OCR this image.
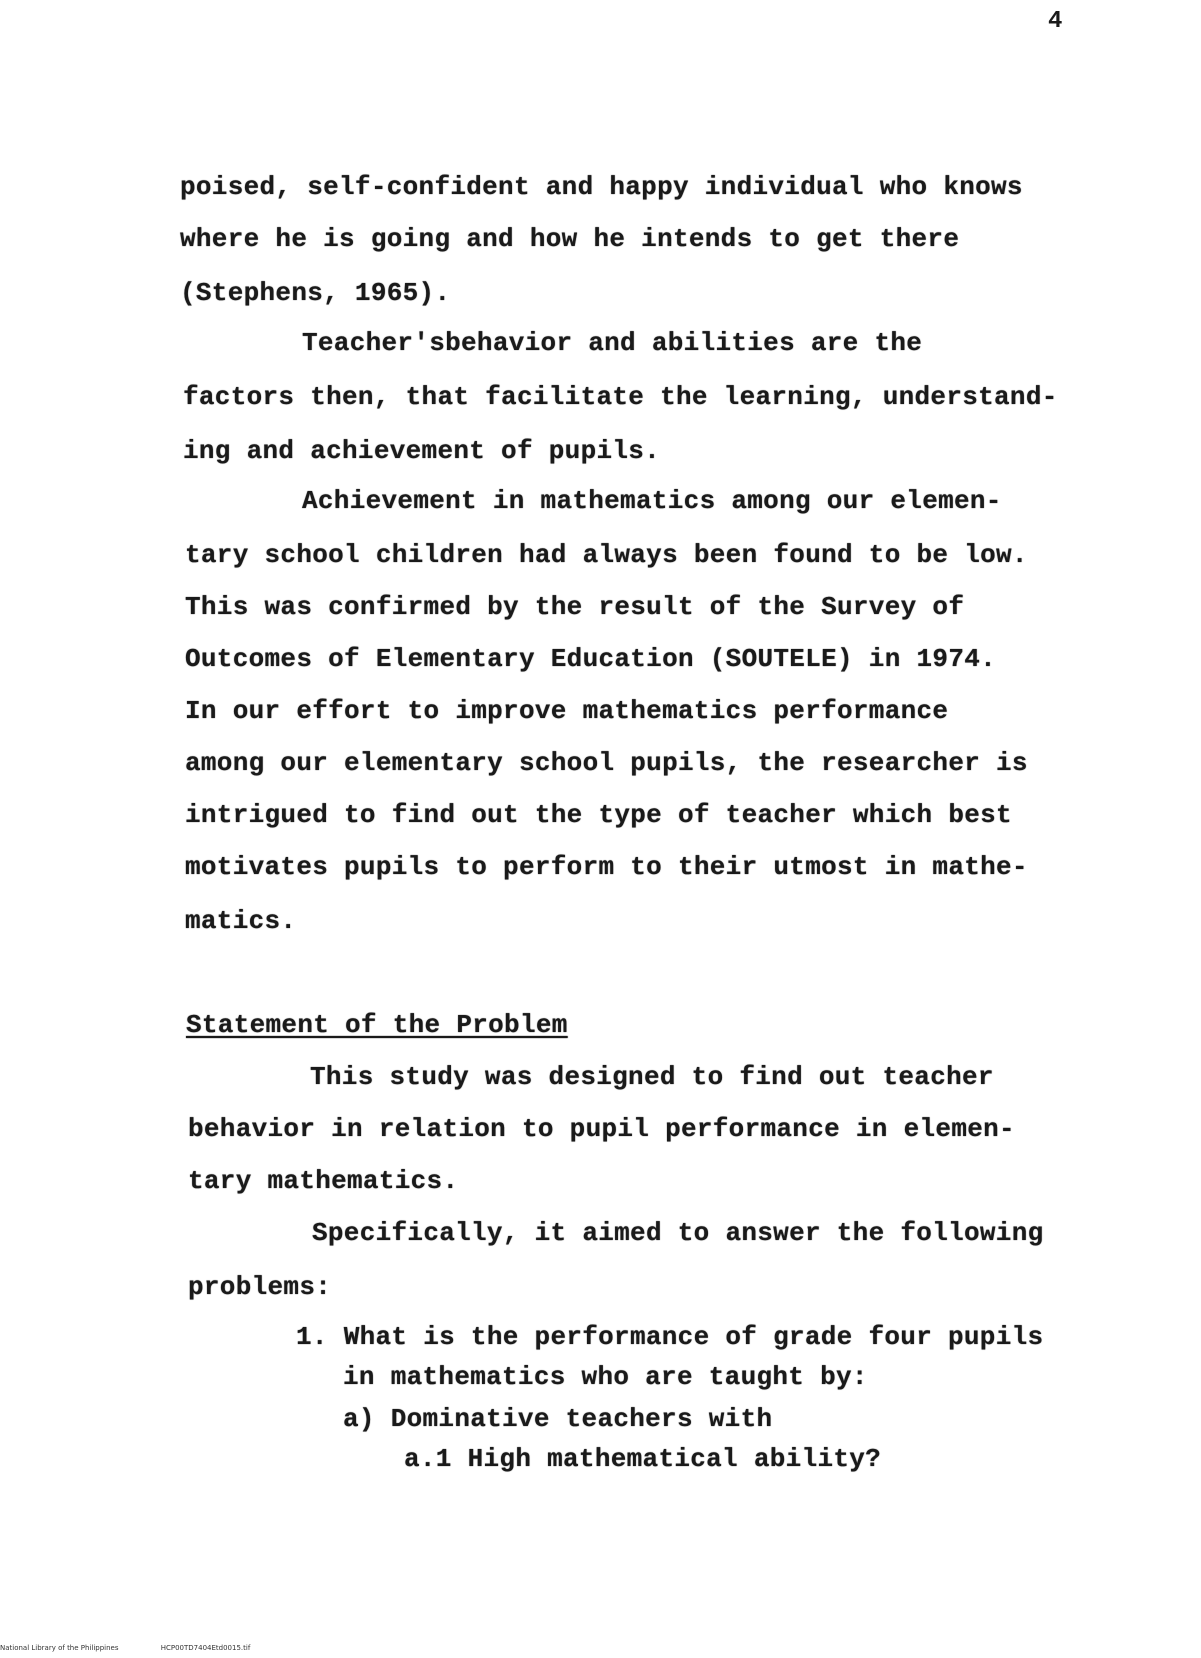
4
poised, self-confident and happy individual who knows
where he is going and how he intends to get there
(Stephens, 1965).
Teacher'sbehavior and abilities are the
factors then, that facilitate the learning, understand-
ing and achievement of pupils.
Achievement in mathematics among our elemen-
tary school children had always been found to be low.
This was confirmed by the result of the Survey of
Outcomes of Elementary Education (SOUTELE) in 1974.
In our effort to improve mathematics performance
among our elementary school pupils, the researcher is
intrigued to find out the type of teacher which best
motivates pupils to perform to their utmost in mathe-
matics.
Statement of the Problem
This study was designed to find out teacher
behavior in relation to pupil performance in elemen-
tary mathematics.
Specifically, it aimed to answer the following
problems:
1. What is the performance of grade four pupils
in mathematics who are taught by:
a) Dominative teachers with
a.1 High mathematical ability?
National Library of the Philippines	HCP00TD7404Etd0015.tif
